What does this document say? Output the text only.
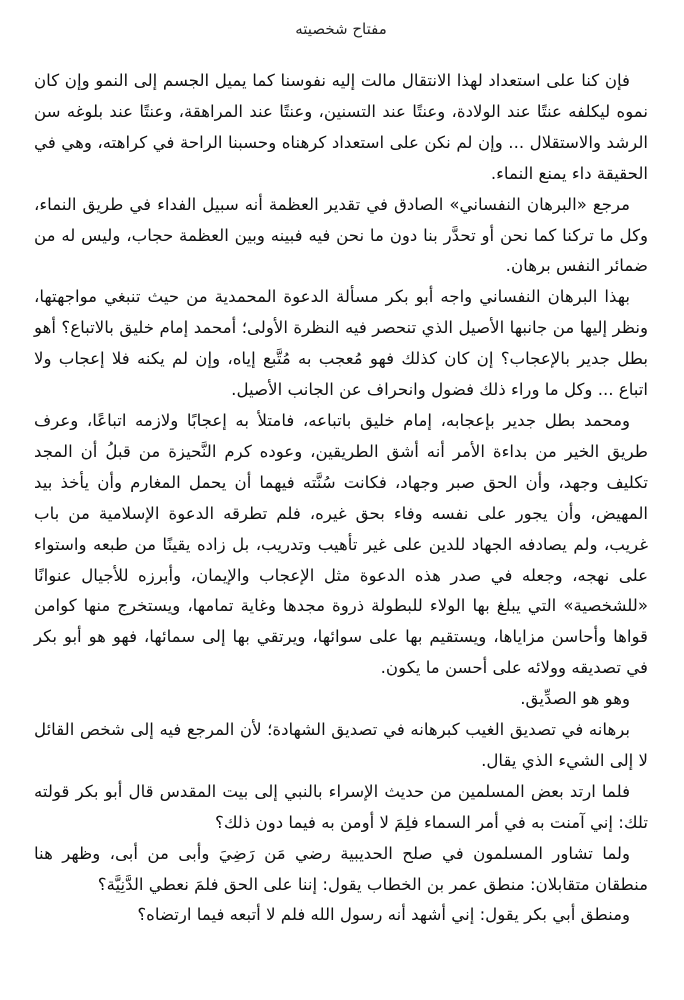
مفتاح شخصيته

فإن كنا على استعداد لهذا الانتقال مالت إليه نفوسنا كما يميل الجسم إلى النمو وإن كان نموه ليكلفه عنتًا عند الولادة، وعنتًا عند التسنين، وعنتًا عند المراهقة، وعنتًا عند بلوغه سن الرشد والاستقلال ... وإن لم نكن على استعداد كرهناه وحسبنا الراحة في كراهته، وهي في الحقيقة داء يمنع النماء.

مرجع «البرهان النفساني» الصادق في تقدير العظمة أنه سبيل الفداء في طريق النماء، وكل ما تركنا كما نحن أو تحدَّر بنا دون ما نحن فيه فبينه وبين العظمة حجاب، وليس له من ضمائر النفس برهان.

بهذا البرهان النفساني واجه أبو بكر مسألة الدعوة المحمدية من حيث تنبغي مواجهتها، ونظر إليها من جانبها الأصيل الذي تنحصر فيه النظرة الأولى؛ أمحمد إمام خليق بالاتباع؟ أهو بطل جدير بالإعجاب؟ إن كان كذلك فهو مُعجب به مُتَّبع إياه، وإن لم يكنه فلا إعجاب ولا اتباع ... وكل ما وراء ذلك فضول وانحراف عن الجانب الأصيل.

ومحمد بطل جدير بإعجابه، إمام خليق باتباعه، فامتلأ به إعجابًا ولازمه اتباعًا، وعرف طريق الخير من بداءة الأمر أنه أشق الطريقين، وعوده كرم النَّحيزة من قبلُ أن المجد تكليف وجهد، وأن الحق صبر وجهاد، فكانت سُنَّته فيهما أن يحمل المغارم وأن يأخذ بيد المهيض، وأن يجور على نفسه وفاء بحق غيره، فلم تطرقه الدعوة الإسلامية من باب غريب، ولم يصادفه الجهاد للدين على غير تأهيب وتدريب، بل زاده يقينًا من طبعه واستواء على نهجه، وجعله في صدر هذه الدعوة مثل الإعجاب والإيمان، وأبرزه للأجيال عنوانًا «للشخصية» التي يبلغ بها الولاء للبطولة ذروة مجدها وغاية تمامها، ويستخرج منها كوامن قواها وأحاسن مزاياها، ويستقيم بها على سوائها، ويرتقي بها إلى سمائها، فهو هو أبو بكر في تصديقه وولائه على أحسن ما يكون.

وهو هو الصدِّيق.

برهانه في تصديق الغيب كبرهانه في تصديق الشهادة؛ لأن المرجع فيه إلى شخص القائل لا إلى الشيء الذي يقال.

فلما ارتد بعض المسلمين من حديث الإسراء بالنبي إلى بيت المقدس قال أبو بكر قولته تلك: إني آمنت به في أمر السماء فلِمَ لا أومن به فيما دون ذلك؟

ولما تشاور المسلمون في صلح الحديبية رضي مَن رَضِيَ وأبى من أبى، وظهر هنا منطقان متقابلان: منطق عمر بن الخطاب يقول: إننا على الحق فلمَ نعطي الدَّنِيَّة؟

ومنطق أبي بكر يقول: إني أشهد أنه رسول الله فلم لا أتبعه فيما ارتضاه؟
